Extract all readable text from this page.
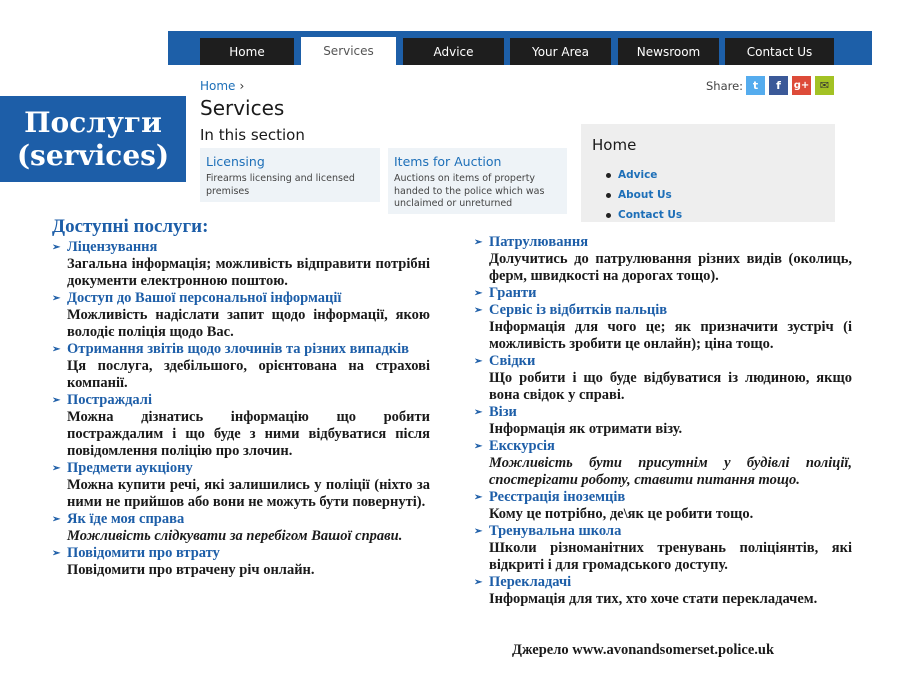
Home	Services	Advice	Your Area	Newsroom	Contact Us
Home ›
Services
In this section
Licensing
Firearms licensing and licensed premises
Items for Auction
Auctions on items of property handed to the police which was unclaimed or unreturned
Share: t	f	g+ ✉
Home
Advice
About Us
Contact Us
Послуги
(services)
Доступні послуги:
➢ Ліцензування
Загальна інформація; можливість відправити потрібні документи електронною поштою.
➢ Доступ до Вашої персональної інформації
Можливість надіслати запит щодо інформації, якою володіє поліція щодо Вас.
➢ Отримання звітів щодо злочинів та різних випадків
Ця послуга, здебільшого, орієнтована на страхові компанії.
➢ Постраждалі
Можна дізнатись інформацію що робити постраждалим і що буде з ними відбуватися після повідомлення поліцію про злочин.
➢ Предмети аукціону
Можна купити речі, які залишились у поліції (ніхто за ними не прийшов або вони не можуть бути повернуті).
➢ Як їде моя справа
Можливість слідкувати за перебігом Вашої справи.
➢ Повідомити про втрату
Повідомити про втрачену річ онлайн.
➢ Патрулювання
Долучитись до патрулювання різних видів (околиць, ферм, швидкості на дорогах тощо).
➢ Гранти
➢ Сервіс із відбитків пальців
Інформація для чого це; як призначити зустріч (і можливість зробити це онлайн); ціна тощо.
➢ Свідки
Що робити і що буде відбуватися із людиною, якщо вона свідок у справі.
➢ Візи
Інформація як отримати візу.
➢ Екскурсія
Можливість бути присутнім у будівлі поліції, спостерігати роботу, ставити питання тощо.
➢ Реєстрація іноземців
Кому це потрібно, де\як це робити тощо.
➢ Тренувальна школа
Школи різноманітних тренувань поліціянтів, які відкриті і для громадського доступу.
➢ Перекладачі
Інформація для тих, хто хоче стати перекладачем.
Джерело www.avonandsomerset.police.uk
